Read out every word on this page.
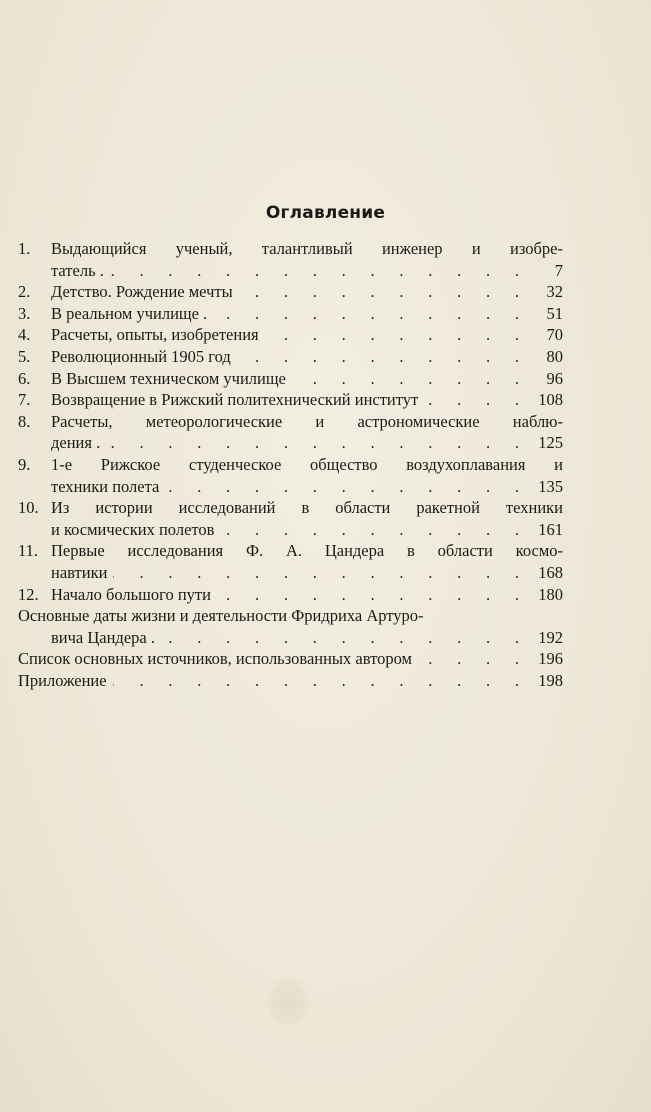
Оглавление
1.	Выдающийся ученый, талантливый инженер и изобре-
татель . .	7
2.	Детство. Рождение мечты .	32
3.	В реальном училище . .	51
4.	Расчеты, опыты, изобретения .	70
5.	Революционный 1905 год .	80
6.	В Высшем техническом училище .	96
7.	Возвращение в Рижский политехнический институт .	108
8.	Расчеты, метеорологические и астрономические наблю-
дения . .	125
9.	1-е Рижское студенческое общество воздухоплавания и
техники полета .	135
10. Из истории исследований в области ракетной техники
и космических полетов .	161
11. Первые исследования Ф. А. Цандера в области космо-
навтики .	168
12. Начало большого пути .	180
Основные даты жизни и деятельности Фридриха Артуро-
вича Цандера . .	192
Список основных источников, использованных автором .	196
Приложение .	198
